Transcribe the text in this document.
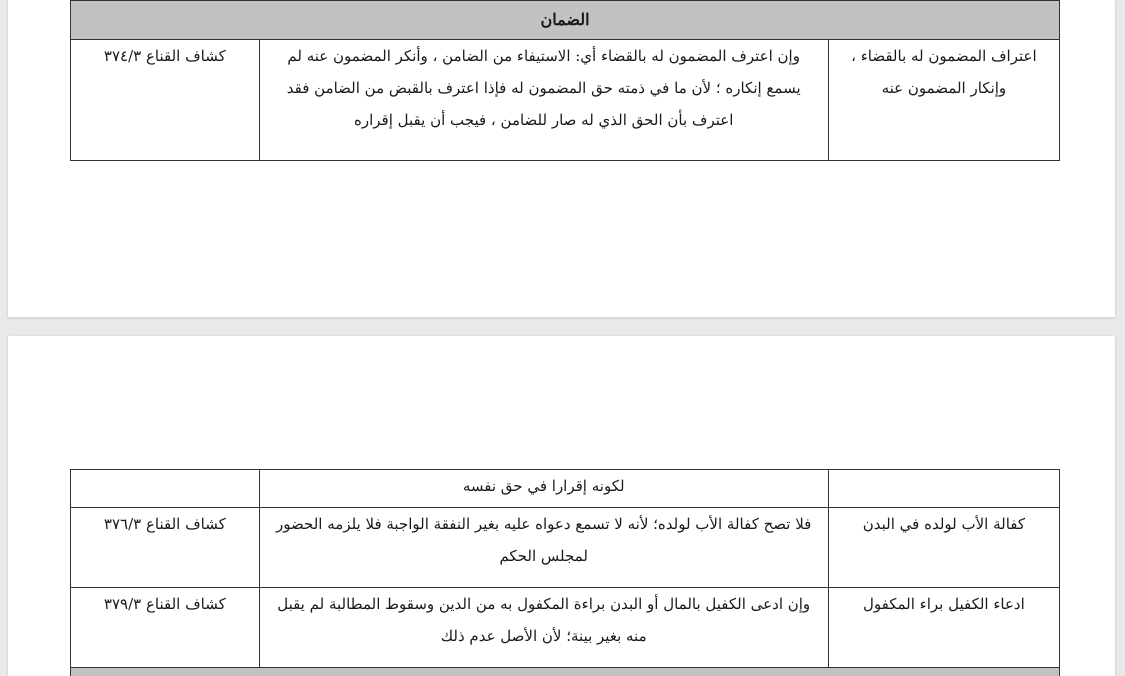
الضمان		
اعتراف المضمون له بالقضاء ، وإنكار المضمون عنه	وإن اعترف المضمون له بالقضاء أي: الاستيفاء من الضامن ، وأنكر المضمون عنه لم يسمع إنكاره ؛ لأن ما في ذمته حق المضمون له فإذا اعترف بالقبض من الضامن فقد اعترف بأن الحق الذي له صار للضامن ، فيجب أن يقبل إقراره	كشاف القناع ٣٧٤/٣
	لكونه إقرارا في حق نفسه	
كفالة الأب لولده في البدن	فلا تصح كفالة الأب لولده؛ لأنه لا تسمع دعواه عليه بغير النفقة الواجبة فلا يلزمه الحضور لمجلس الحكم	كشاف القناع ٣٧٦/٣
ادعاء الكفيل براء المكفول	وإن ادعى الكفيل بالمال أو البدن براءة المكفول به من الدين وسقوط المطالبة لم يقبل منه بغير بينة؛ لأن الأصل عدم ذلك	كشاف القناع ٣٧٩/٣
